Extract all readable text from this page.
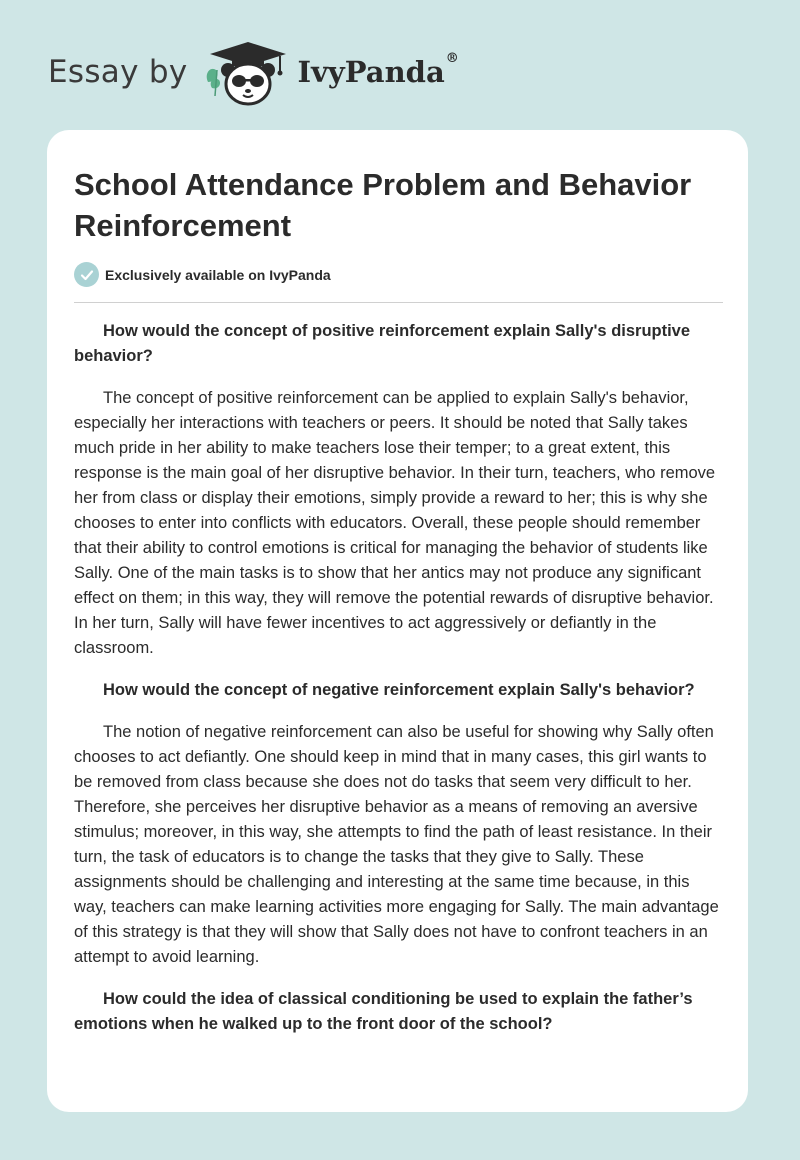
Essay by	IvyPanda®
School Attendance Problem and Behavior Reinforcement
Exclusively available on IvyPanda

How would the concept of positive reinforcement explain Sally's disruptive behavior?

The concept of positive reinforcement can be applied to explain Sally's behavior, especially her interactions with teachers or peers. It should be noted that Sally takes much pride in her ability to make teachers lose their temper; to a great extent, this response is the main goal of her disruptive behavior. In their turn, teachers, who remove her from class or display their emotions, simply provide a reward to her; this is why she chooses to enter into conflicts with educators. Overall, these people should remember that their ability to control emotions is critical for managing the behavior of students like Sally. One of the main tasks is to show that her antics may not produce any significant effect on them; in this way, they will remove the potential rewards of disruptive behavior. In her turn, Sally will have fewer incentives to act aggressively or defiantly in the classroom.

How would the concept of negative reinforcement explain Sally's behavior?

The notion of negative reinforcement can also be useful for showing why Sally often chooses to act defiantly. One should keep in mind that in many cases, this girl wants to be removed from class because she does not do tasks that seem very difficult to her. Therefore, she perceives her disruptive behavior as a means of removing an aversive stimulus; moreover, in this way, she attempts to find the path of least resistance. In their turn, the task of educators is to change the tasks that they give to Sally. These assignments should be challenging and interesting at the same time because, in this way, teachers can make learning activities more engaging for Sally. The main advantage of this strategy is that they will show that Sally does not have to confront teachers in an attempt to avoid learning.

How could the idea of classical conditioning be used to explain the father’s emotions when he walked up to the front door of the school?
